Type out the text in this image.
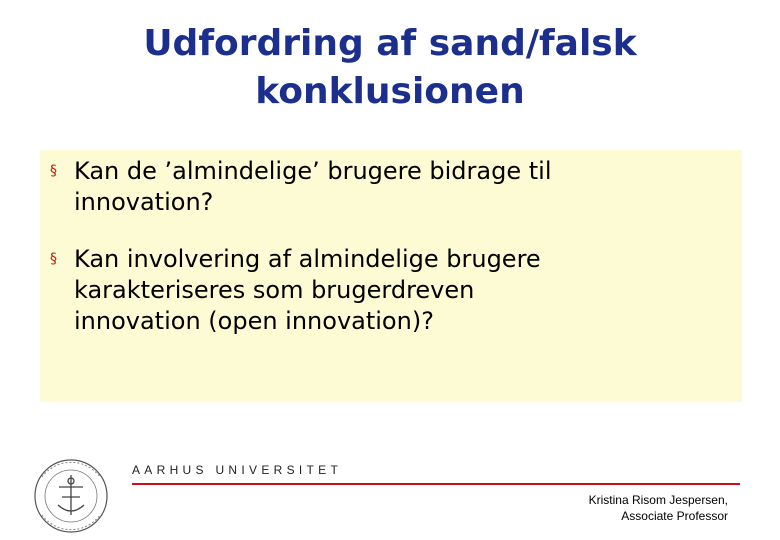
Udfordring af sand/falsk
konklusionen
§ Kan de ’almindelige’ brugere bidrage til
innovation?
§ Kan involvering af almindelige brugere
karakteriseres som brugerdreven
innovation (open innovation)?
AARHUS UNIVERSITET
Kristina Risom Jespersen,
Associate Professor
